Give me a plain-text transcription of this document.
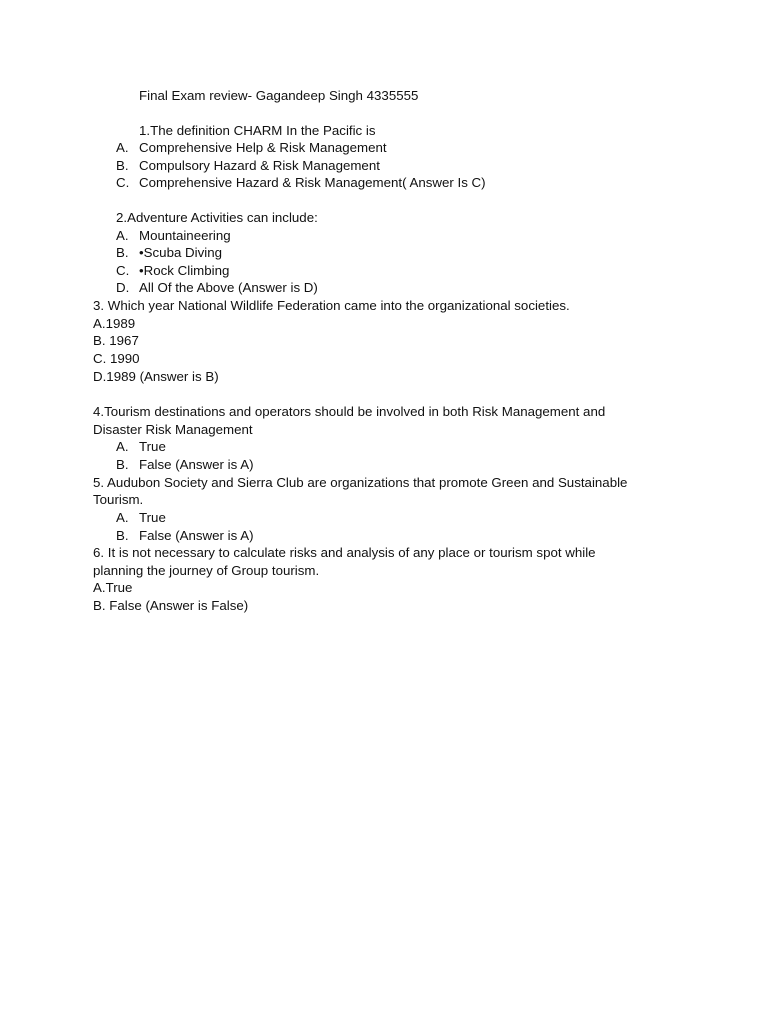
Final Exam review- Gagandeep Singh 4335555
1.The definition CHARM In the Pacific is
A. Comprehensive Help & Risk Management
B. Compulsory Hazard & Risk Management
C. Comprehensive Hazard & Risk Management( Answer Is C)
2.Adventure Activities can include:
A. Mountaineering
B. •Scuba Diving
C. •Rock Climbing
D. All Of the Above (Answer is D)
3. Which year National Wildlife Federation came into the organizational societies.
A.1989
B. 1967
C. 1990
D.1989 (Answer is B)
4.Tourism destinations and operators should be involved in both Risk Management and
Disaster Risk Management
A. True
B. False (Answer is A)
5. Audubon Society and Sierra Club are organizations that promote Green and Sustainable
Tourism.
A. True
B. False (Answer is A)
6. It is not necessary to calculate risks and analysis of any place or tourism spot while
planning the journey of Group tourism.
A.True
B. False (Answer is False)
